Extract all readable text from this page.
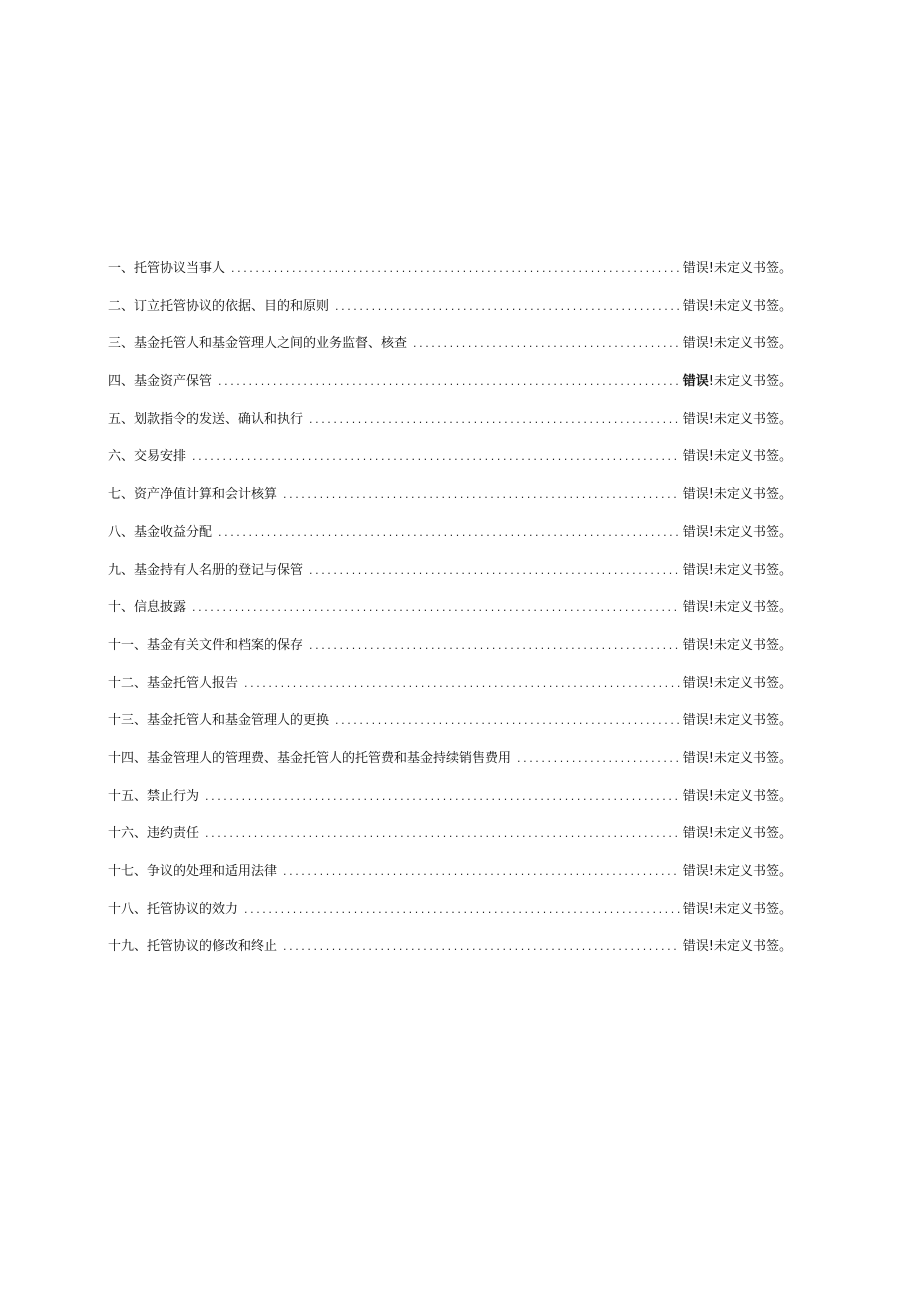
一、托管协议当事人 .....	错误!未定义书签。
二、订立托管协议的依据、目的和原则 .....	错误!未定义书签。
三、基金托管人和基金管理人之间的业务监督、核查 .....	错误!未定义书签。
四、基金资产保管 .....	错误!未定义书签。
五、划款指令的发送、确认和执行 .....	错误!未定义书签。
六、交易安排 .....	错误!未定义书签。
七、资产净值计算和会计核算 .....	错误!未定义书签。
八、基金收益分配 .....	错误!未定义书签。
九、基金持有人名册的登记与保管 .....	错误!未定义书签。
十、信息披露 .....	错误!未定义书签。
十一、基金有关文件和档案的保存 .....	错误!未定义书签。
十二、基金托管人报告 .....	错误!未定义书签。
十三、基金托管人和基金管理人的更换 .....	错误!未定义书签。
十四、基金管理人的管理费、基金托管人的托管费和基金持续销售费用 .....	错误!未定义书签。
十五、禁止行为 .....	错误!未定义书签。
十六、违约责任 .....	错误!未定义书签。
十七、争议的处理和适用法律 .....	错误!未定义书签。
十八、托管协议的效力 .....	错误!未定义书签。
十九、托管协议的修改和终止 .....	错误!未定义书签。
